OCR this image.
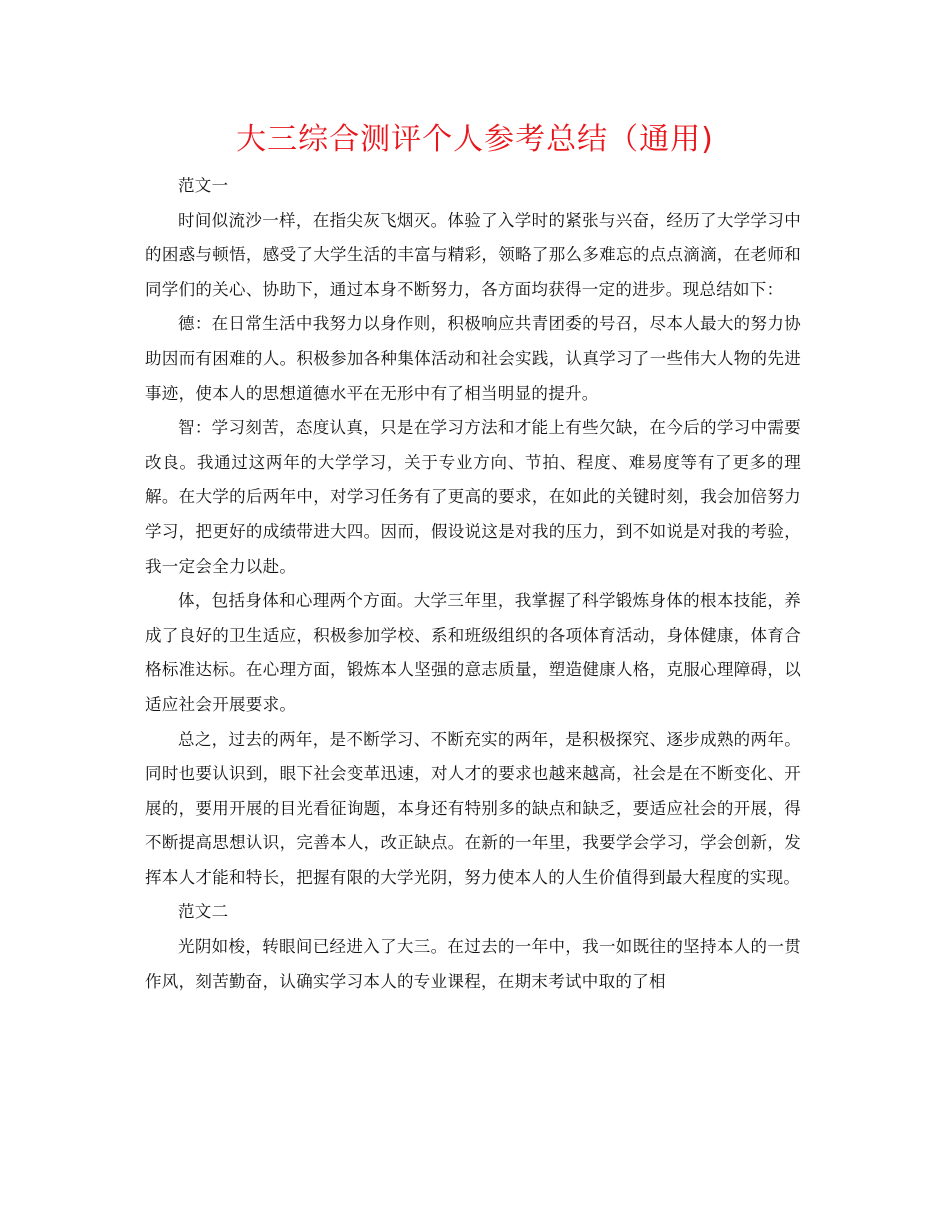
大三综合测评个人参考总结（通用)

范文一

时间似流沙一样，在指尖灰飞烟灭。体验了入学时的紧张与兴奋，经历了大学学习中的困惑与顿悟，感受了大学生活的丰富与精彩，领略了那么多难忘的点点滴滴，在老师和同学们的关心、协助下，通过本身不断努力，各方面均获得一定的进步。现总结如下：

德：在日常生活中我努力以身作则，积极响应共青团委的号召，尽本人最大的努力协助因而有困难的人。积极参加各种集体活动和社会实践，认真学习了一些伟大人物的先进事迹，使本人的思想道德水平在无形中有了相当明显的提升。

智：学习刻苦，态度认真，只是在学习方法和才能上有些欠缺，在今后的学习中需要改良。我通过这两年的大学学习，关于专业方向、节拍、程度、难易度等有了更多的理解。在大学的后两年中，对学习任务有了更高的要求，在如此的关键时刻，我会加倍努力学习，把更好的成绩带进大四。因而，假设说这是对我的压力，到不如说是对我的考验，我一定会全力以赴。

体，包括身体和心理两个方面。大学三年里，我掌握了科学锻炼身体的根本技能，养成了良好的卫生适应，积极参加学校、系和班级组织的各项体育活动，身体健康，体育合格标准达标。在心理方面，锻炼本人坚强的意志质量，塑造健康人格，克服心理障碍，以适应社会开展要求。

总之，过去的两年，是不断学习、不断充实的两年，是积极探究、逐步成熟的两年。同时也要认识到，眼下社会变革迅速，对人才的要求也越来越高，社会是在不断变化、开展的，要用开展的目光看征询题，本身还有特别多的缺点和缺乏，要适应社会的开展，得不断提高思想认识，完善本人，改正缺点。在新的一年里，我要学会学习，学会创新，发挥本人才能和特长，把握有限的大学光阴，努力使本人的人生价值得到最大程度的实现。

范文二

光阴如梭，转眼间已经进入了大三。在过去的一年中，我一如既往的坚持本人的一贯作风，刻苦勤奋，认确实学习本人的专业课程，在期末考试中取的了相
